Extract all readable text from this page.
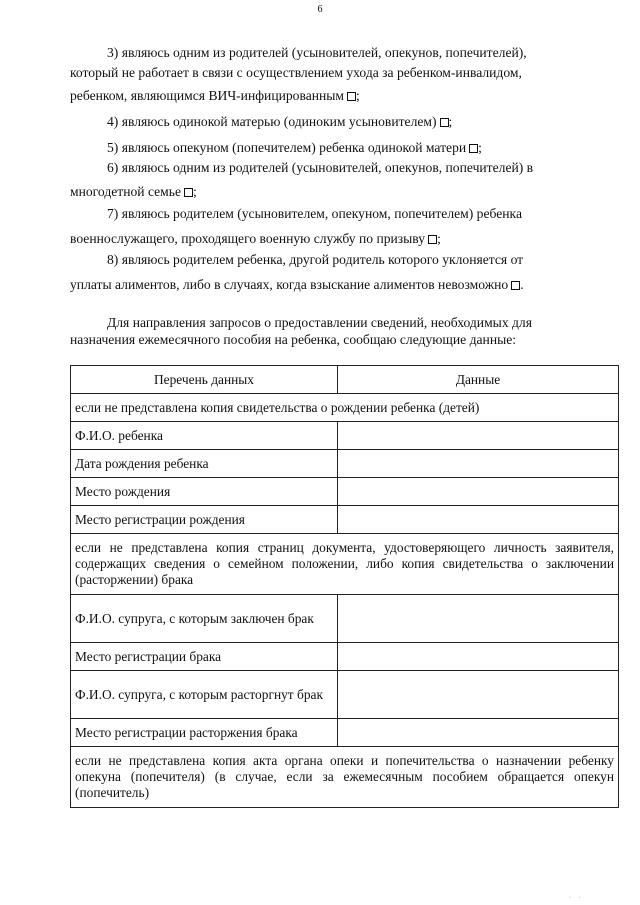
6
3) являюсь одним из родителей (усыновителей, опекунов, попечителей),
который не работает в связи с осуществлением ухода за ребенком-инвалидом,
ребенком, являющимся ВИЧ-инфицированным ;
4) являюсь одинокой матерью (одиноким усыновителем) ;
5) являюсь опекуном (попечителем) ребенка одинокой матери ;
6) являюсь одним из родителей (усыновителей, опекунов, попечителей) в
многодетной семье ;
7) являюсь родителем (усыновителем, опекуном, попечителем) ребенка
военнослужащего, проходящего военную службу по призыву ;
8) являюсь родителем ребенка, другой родитель которого уклоняется от
уплаты алиментов, либо в случаях, когда взыскание алиментов невозможно .
Для направления запросов о предоставлении сведений, необходимых для
назначения ежемесячного пособия на ребенка, сообщаю следующие данные:
Перечень данных	Данные
если не представлена копия свидетельства о рождении ребенка (детей)	
Ф.И.О. ребенка	
Дата рождения ребенка	
Место рождения	
Место регистрации рождения	
если не представлена копия страниц документа, удостоверяющего личность заявителя, содержащих сведения о семейном положении, либо копия свидетельства о заключении (расторжении) брака	
Ф.И.О. супруга, с которым заключен брак	
Место регистрации брака	
Ф.И.О. супруга, с которым расторгнут брак	
Место регистрации расторжения брака	
если не представлена копия акта органа опеки и попечительства о назначении ребенку опекуна (попечителя) (в случае, если за ежемесячным пособием обращается опекун (попечитель)	
· ·
